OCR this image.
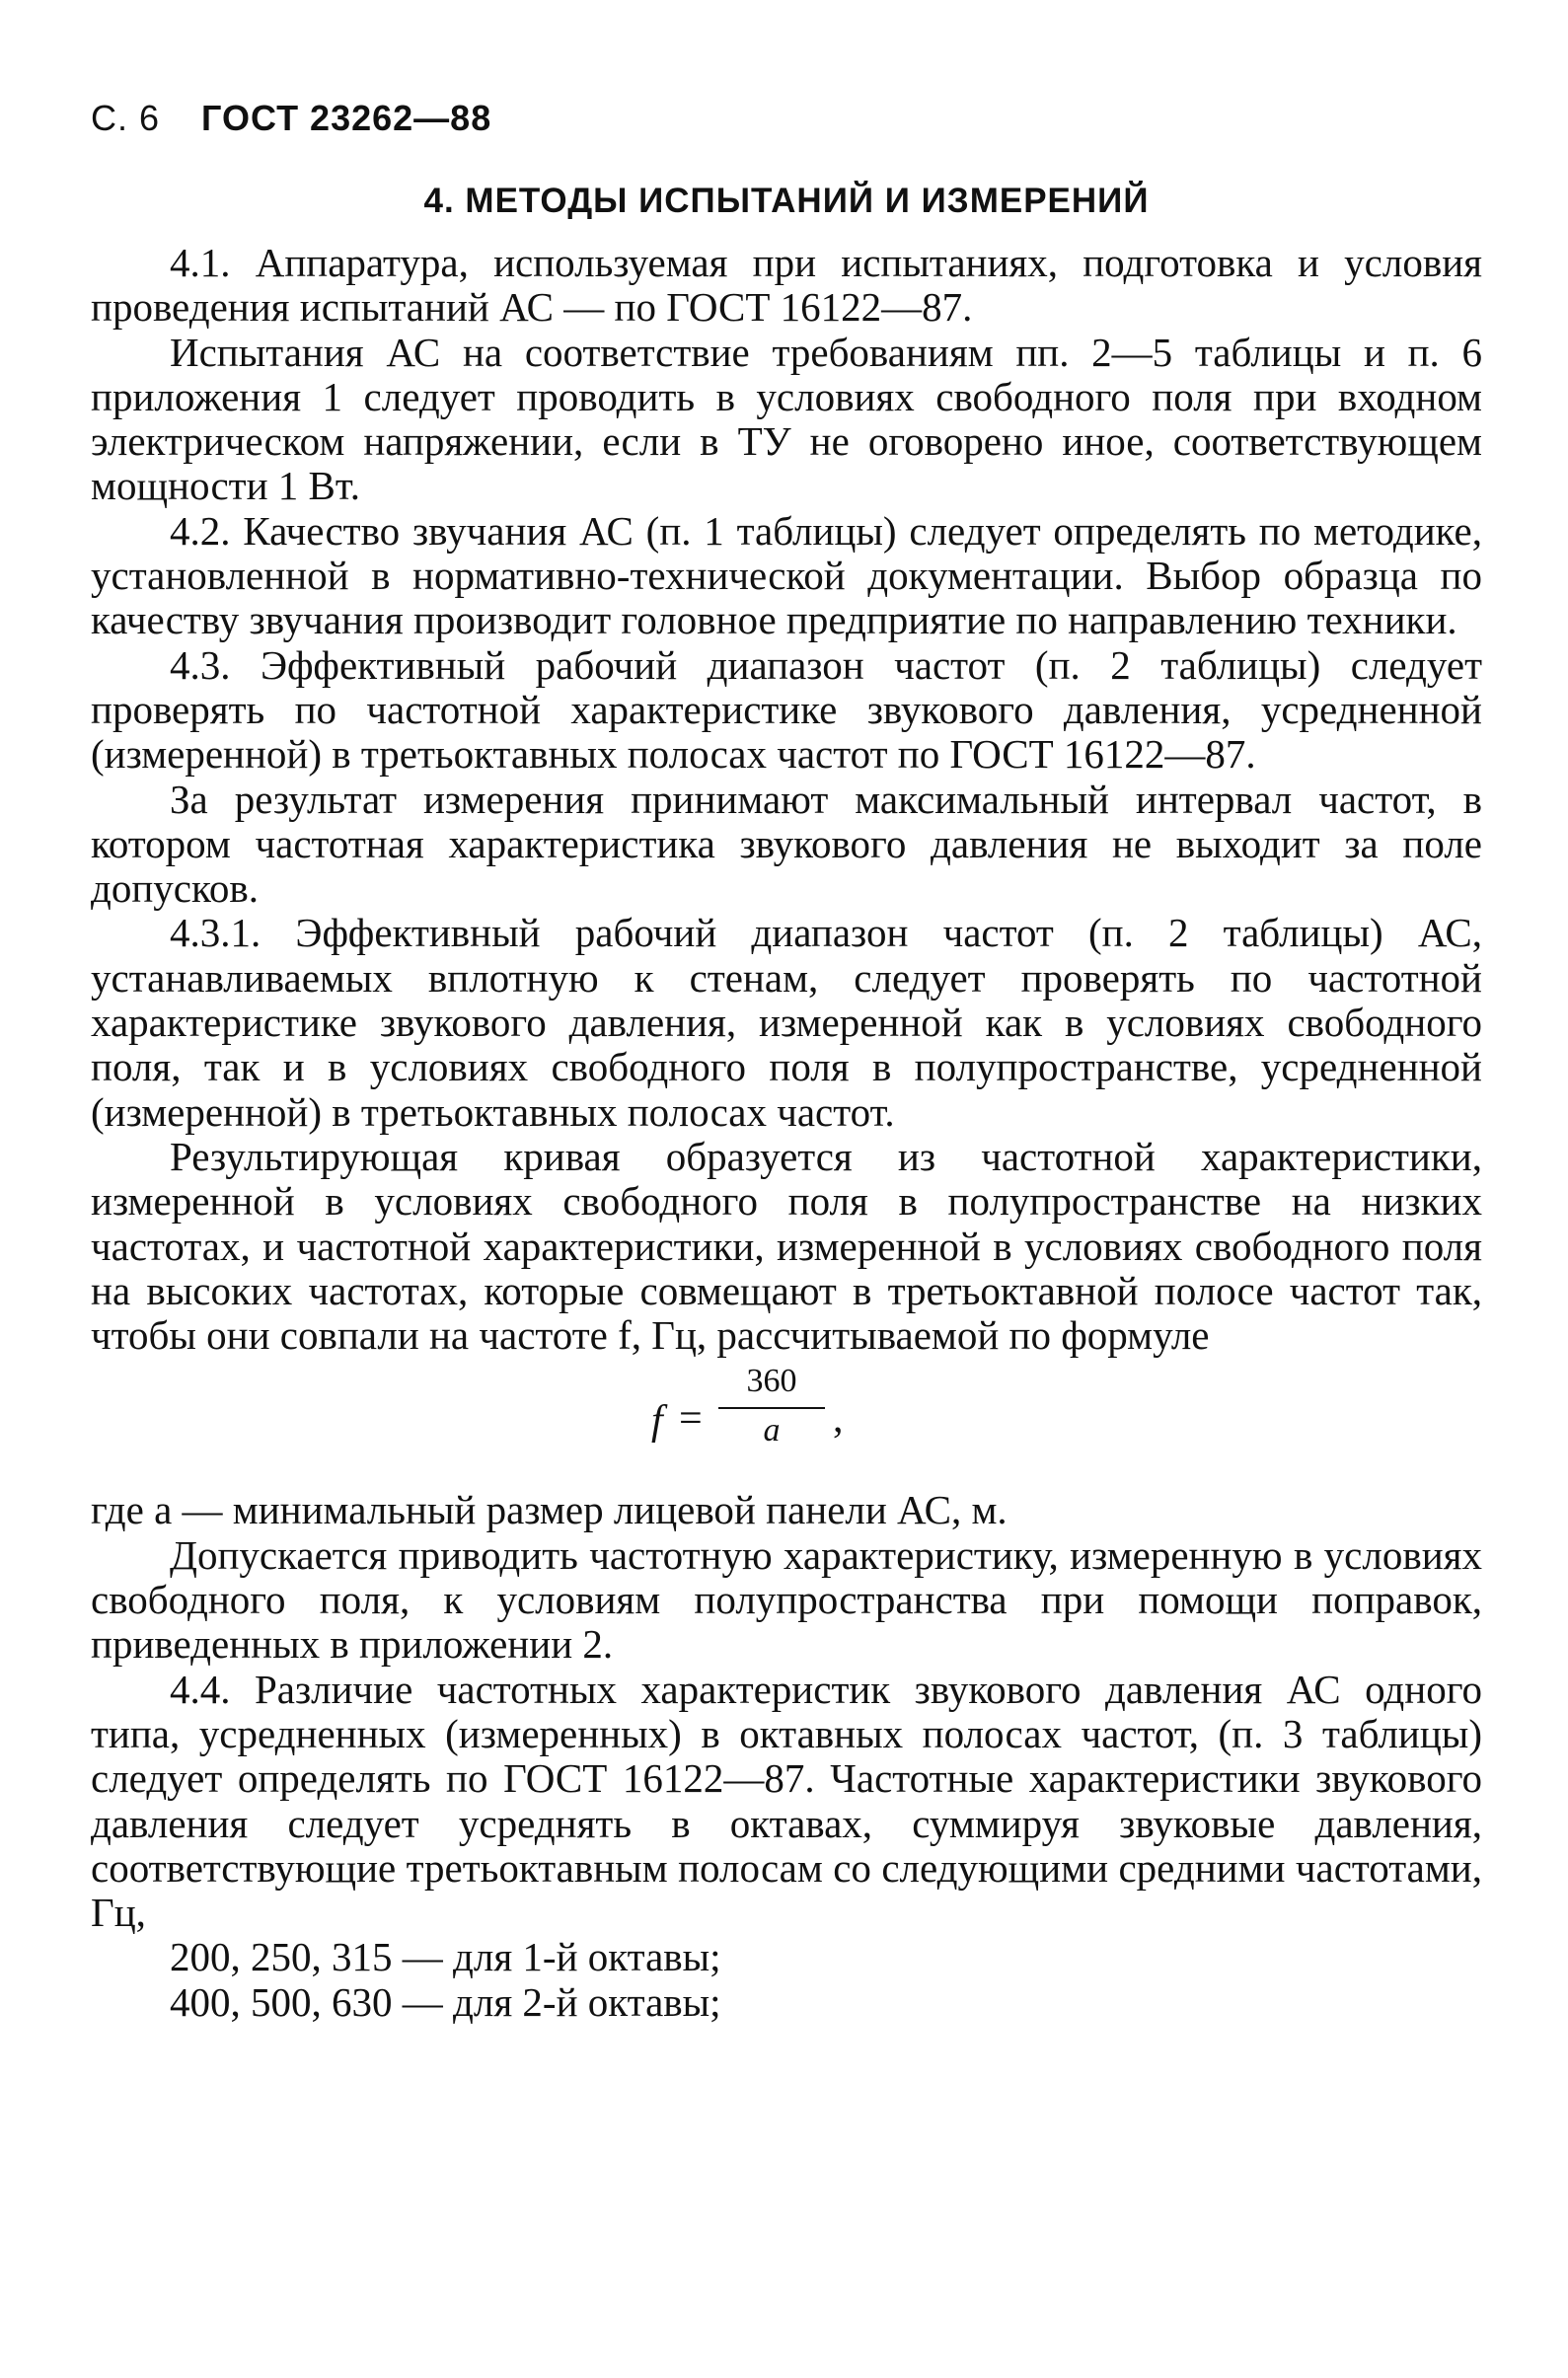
С. 6 ГОСТ 23262—88
4. МЕТОДЫ ИСПЫТАНИЙ И ИЗМЕРЕНИЙ

4.1. Аппаратура, используемая при испытаниях, подготовка и условия проведения испытаний АС — по ГОСТ 16122—87.

Испытания АС на соответствие требованиям пп. 2—5 таблицы и п. 6 приложения 1 следует проводить в условиях свободного поля при входном электрическом напряжении, если в ТУ не оговорено иное, соответствующем мощности 1 Вт.

4.2. Качество звучания АС (п. 1 таблицы) следует определять по методике, установленной в нормативно-технической документации. Выбор образца по качеству звучания производит головное предприятие по направлению техники.

4.3. Эффективный рабочий диапазон частот (п. 2 таблицы) следует проверять по частотной характеристике звукового давления, усредненной (измеренной) в третьоктавных полосах частот по ГОСТ 16122—87.

За результат измерения принимают максимальный интервал частот, в котором частотная характеристика звукового давления не выходит за поле допусков.

4.3.1. Эффективный рабочий диапазон частот (п. 2 таблицы) АС, устанавливаемых вплотную к стенам, следует проверять по частотной характеристике звукового давления, измеренной как в условиях свободного поля, так и в условиях свободного поля в полупространстве, усредненной (измеренной) в третьоктавных полосах частот.

Результирующая кривая образуется из частотной характеристики, измеренной в условиях свободного поля в полупространстве на низких частотах, и частотной характеристики, измеренной в условиях свободного поля на высоких частотах, которые совмещают в третьоктавной полосе частот так, чтобы они совпали на частоте f, Гц, рассчитываемой по формуле

f =
360
a	,

где a — минимальный размер лицевой панели АС, м.

Допускается приводить частотную характеристику, измеренную в условиях свободного поля, к условиям полупространства при помощи поправок, приведенных в приложении 2.

4.4. Различие частотных характеристик звукового давления АС одного типа, усредненных (измеренных) в октавных полосах частот, (п. 3 таблицы) следует определять по ГОСТ 16122—87. Частотные характеристики звукового давления следует усреднять в октавах, суммируя звуковые давления, соответствующие третьоктавным полосам со следующими средними частотами, Гц,

200, 250, 315 — для 1-й октавы;

400, 500, 630 — для 2-й октавы;
